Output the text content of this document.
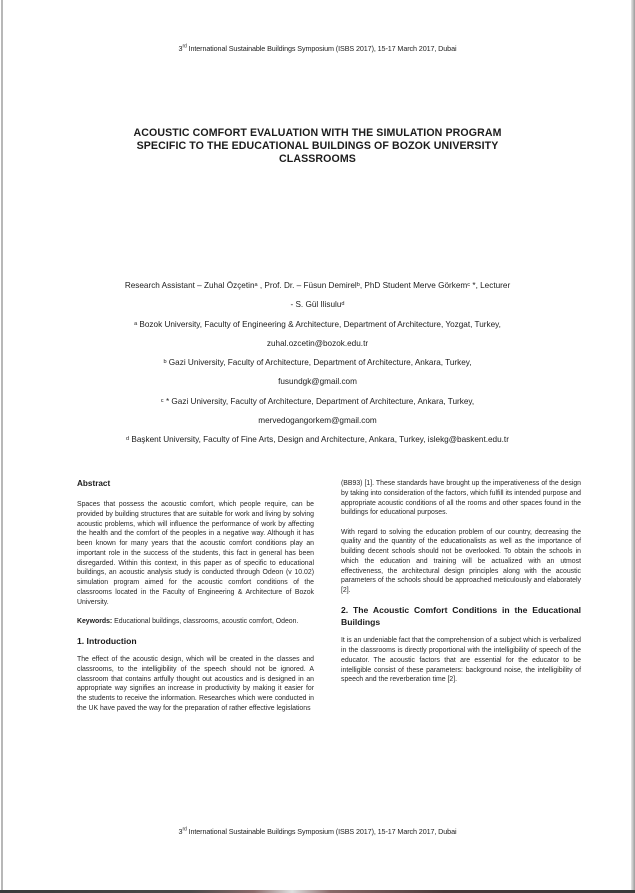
3rd International Sustainable Buildings Symposium (ISBS 2017), 15-17 March 2017, Dubai
ACOUSTIC COMFORT EVALUATION WITH THE SIMULATION PROGRAM
SPECIFIC TO THE EDUCATIONAL BUILDINGS OF BOZOK UNIVERSITY
CLASSROOMS
Research Assistant – Zuhal Özçetinᵃ , Prof. Dr. – Füsun Demirelᵇ, PhD Student Merve Görkemᶜ *, Lecturer
- S. Gül Ilisuluᵈ
ᵃ Bozok University, Faculty of Engineering & Architecture, Department of Architecture, Yozgat, Turkey,
zuhal.ozcetin@bozok.edu.tr
ᵇ Gazi University, Faculty of Architecture, Department of Architecture, Ankara, Turkey,
fusundgk@gmail.com
ᶜ * Gazi University, Faculty of Architecture, Department of Architecture, Ankara, Turkey,
mervedogangorkem@gmail.com
ᵈ Başkent University, Faculty of Fine Arts, Design and Architecture, Ankara, Turkey, islekg@baskent.edu.tr
Abstract

Spaces that possess the acoustic comfort, which people require, can be provided by building structures that are suitable for work and living by solving acoustic problems, which will influence the performance of work by affecting the health and the comfort of the peoples in a negative way. Although it has been known for many years that the acoustic comfort conditions play an important role in the success of the students, this fact in general has been disregarded. Within this context, in this paper as of specific to educational buildings, an acoustic analysis study is conducted through Odeon (v 10.02) simulation program aimed for the acoustic comfort conditions of the classrooms located in the Faculty of Engineering & Architecture of Bozok University.

Keywords: Educational buildings, classrooms, acoustic comfort, Odeon.

1. Introduction

The effect of the acoustic design, which will be created in the classes and classrooms, to the intelligibility of the speech should not be ignored. A classroom that contains artfully thought out acoustics and is designed in an appropriate way signifies an increase in productivity by making it easier for the students to receive the information. Researches which were conducted in the UK have paved the way for the preparation of rather effective legislations

(BB93) [1]. These standards have brought up the imperativeness of the design by taking into consideration of the factors, which fulfill its intended purpose and appropriate acoustic conditions of all the rooms and other spaces found in the buildings for educational purposes.

With regard to solving the education problem of our country, decreasing the quality and the quantity of the educationalists as well as the importance of building decent schools should not be overlooked. To obtain the schools in which the education and training will be actualized with an utmost effectiveness, the architectural design principles along with the acoustic parameters of the schools should be approached meticulously and elaborately [2].

2. The Acoustic Comfort Conditions in the Educational Buildings

It is an undeniable fact that the comprehension of a subject which is verbalized in the classrooms is directly proportional with the intelligibility of speech of the educator. The acoustic factors that are essential for the educator to be intelligible consist of these parameters: background noise, the intelligibility of speech and the reverberation time [2].

3rd International Sustainable Buildings Symposium (ISBS 2017), 15-17 March 2017, Dubai
